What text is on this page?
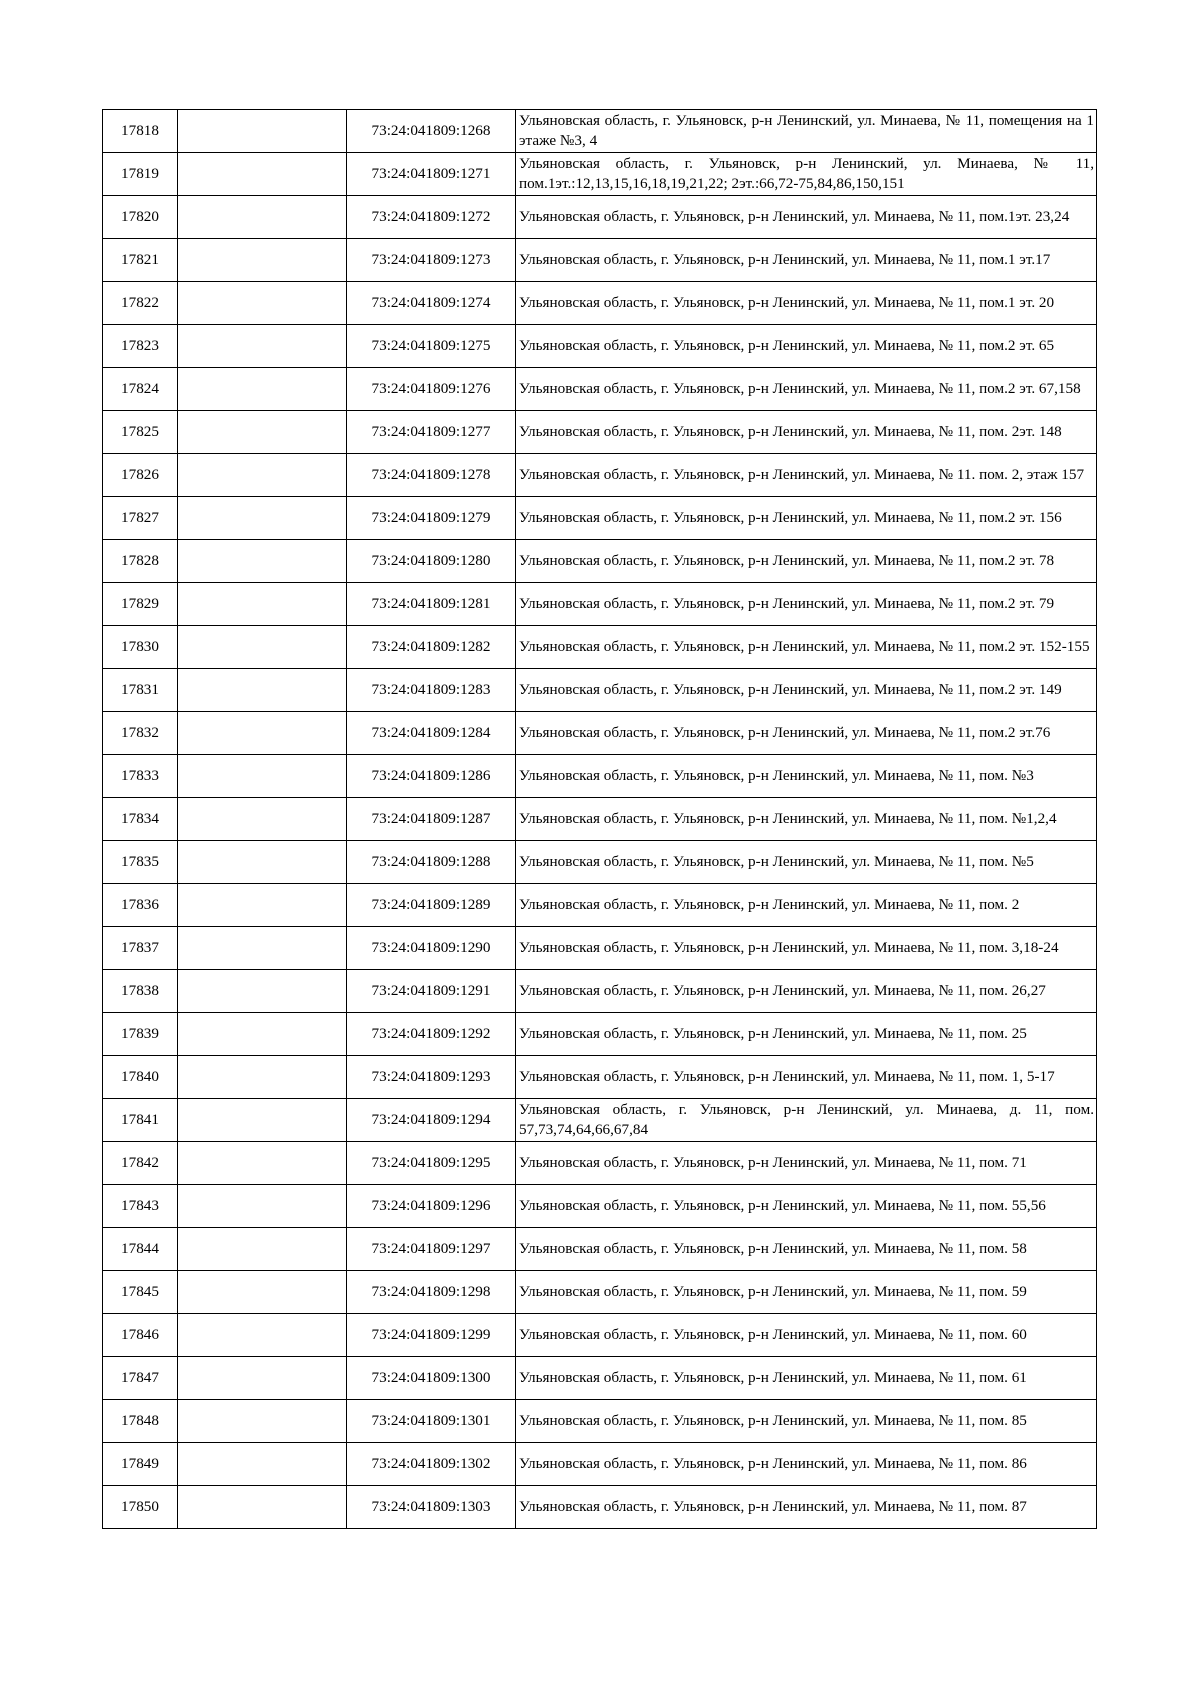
17818		73:24:041809:1268	Ульяновская область, г. Ульяновск, р-н Ленинский, ул. Минаева, № 11, помещения на 1 этаже №3, 4
17819		73:24:041809:1271	Ульяновская область, г. Ульяновск, р-н Ленинский, ул. Минаева, № 11, пом.1эт.:12,13,15,16,18,19,21,22; 2эт.:66,72-75,84,86,150,151
17820		73:24:041809:1272	Ульяновская область, г. Ульяновск, р-н Ленинский, ул. Минаева, № 11, пом.1эт. 23,24
17821		73:24:041809:1273	Ульяновская область, г. Ульяновск, р-н Ленинский, ул. Минаева, № 11, пом.1 эт.17
17822		73:24:041809:1274	Ульяновская область, г. Ульяновск, р-н Ленинский, ул. Минаева, № 11, пом.1 эт. 20
17823		73:24:041809:1275	Ульяновская область, г. Ульяновск, р-н Ленинский, ул. Минаева, № 11, пом.2 эт. 65
17824		73:24:041809:1276	Ульяновская область, г. Ульяновск, р-н Ленинский, ул. Минаева, № 11, пом.2 эт. 67,158
17825		73:24:041809:1277	Ульяновская область, г. Ульяновск, р-н Ленинский, ул. Минаева, № 11, пом. 2эт. 148
17826		73:24:041809:1278	Ульяновская область, г. Ульяновск, р-н Ленинский, ул. Минаева, № 11. пом. 2, этаж 157
17827		73:24:041809:1279	Ульяновская область, г. Ульяновск, р-н Ленинский, ул. Минаева, № 11, пом.2 эт. 156
17828		73:24:041809:1280	Ульяновская область, г. Ульяновск, р-н Ленинский, ул. Минаева, № 11, пом.2 эт. 78
17829		73:24:041809:1281	Ульяновская область, г. Ульяновск, р-н Ленинский, ул. Минаева, № 11, пом.2 эт. 79
17830		73:24:041809:1282	Ульяновская область, г. Ульяновск, р-н Ленинский, ул. Минаева, № 11, пом.2 эт. 152-155
17831		73:24:041809:1283	Ульяновская область, г. Ульяновск, р-н Ленинский, ул. Минаева, № 11, пом.2 эт. 149
17832		73:24:041809:1284	Ульяновская область, г. Ульяновск, р-н Ленинский, ул. Минаева, № 11, пом.2 эт.76
17833		73:24:041809:1286	Ульяновская область, г. Ульяновск, р-н Ленинский, ул. Минаева, № 11, пом. №3
17834		73:24:041809:1287	Ульяновская область, г. Ульяновск, р-н Ленинский, ул. Минаева, № 11, пом. №1,2,4
17835		73:24:041809:1288	Ульяновская область, г. Ульяновск, р-н Ленинский, ул. Минаева, № 11, пом. №5
17836		73:24:041809:1289	Ульяновская область, г. Ульяновск, р-н Ленинский, ул. Минаева, № 11, пом. 2
17837		73:24:041809:1290	Ульяновская область, г. Ульяновск, р-н Ленинский, ул. Минаева, № 11, пом. 3,18-24
17838		73:24:041809:1291	Ульяновская область, г. Ульяновск, р-н Ленинский, ул. Минаева, № 11, пом. 26,27
17839		73:24:041809:1292	Ульяновская область, г. Ульяновск, р-н Ленинский, ул. Минаева, № 11, пом. 25
17840		73:24:041809:1293	Ульяновская область, г. Ульяновск, р-н Ленинский, ул. Минаева, № 11, пом. 1, 5-17
17841		73:24:041809:1294	Ульяновская область, г. Ульяновск, р-н Ленинский, ул. Минаева, д. 11, пом. 57,73,74,64,66,67,84
17842		73:24:041809:1295	Ульяновская область, г. Ульяновск, р-н Ленинский, ул. Минаева, № 11, пом. 71
17843		73:24:041809:1296	Ульяновская область, г. Ульяновск, р-н Ленинский, ул. Минаева, № 11, пом. 55,56
17844		73:24:041809:1297	Ульяновская область, г. Ульяновск, р-н Ленинский, ул. Минаева, № 11, пом. 58
17845		73:24:041809:1298	Ульяновская область, г. Ульяновск, р-н Ленинский, ул. Минаева, № 11, пом. 59
17846		73:24:041809:1299	Ульяновская область, г. Ульяновск, р-н Ленинский, ул. Минаева, № 11, пом. 60
17847		73:24:041809:1300	Ульяновская область, г. Ульяновск, р-н Ленинский, ул. Минаева, № 11, пом. 61
17848		73:24:041809:1301	Ульяновская область, г. Ульяновск, р-н Ленинский, ул. Минаева, № 11, пом. 85
17849		73:24:041809:1302	Ульяновская область, г. Ульяновск, р-н Ленинский, ул. Минаева, № 11, пом. 86
17850		73:24:041809:1303	Ульяновская область, г. Ульяновск, р-н Ленинский, ул. Минаева, № 11, пом. 87
